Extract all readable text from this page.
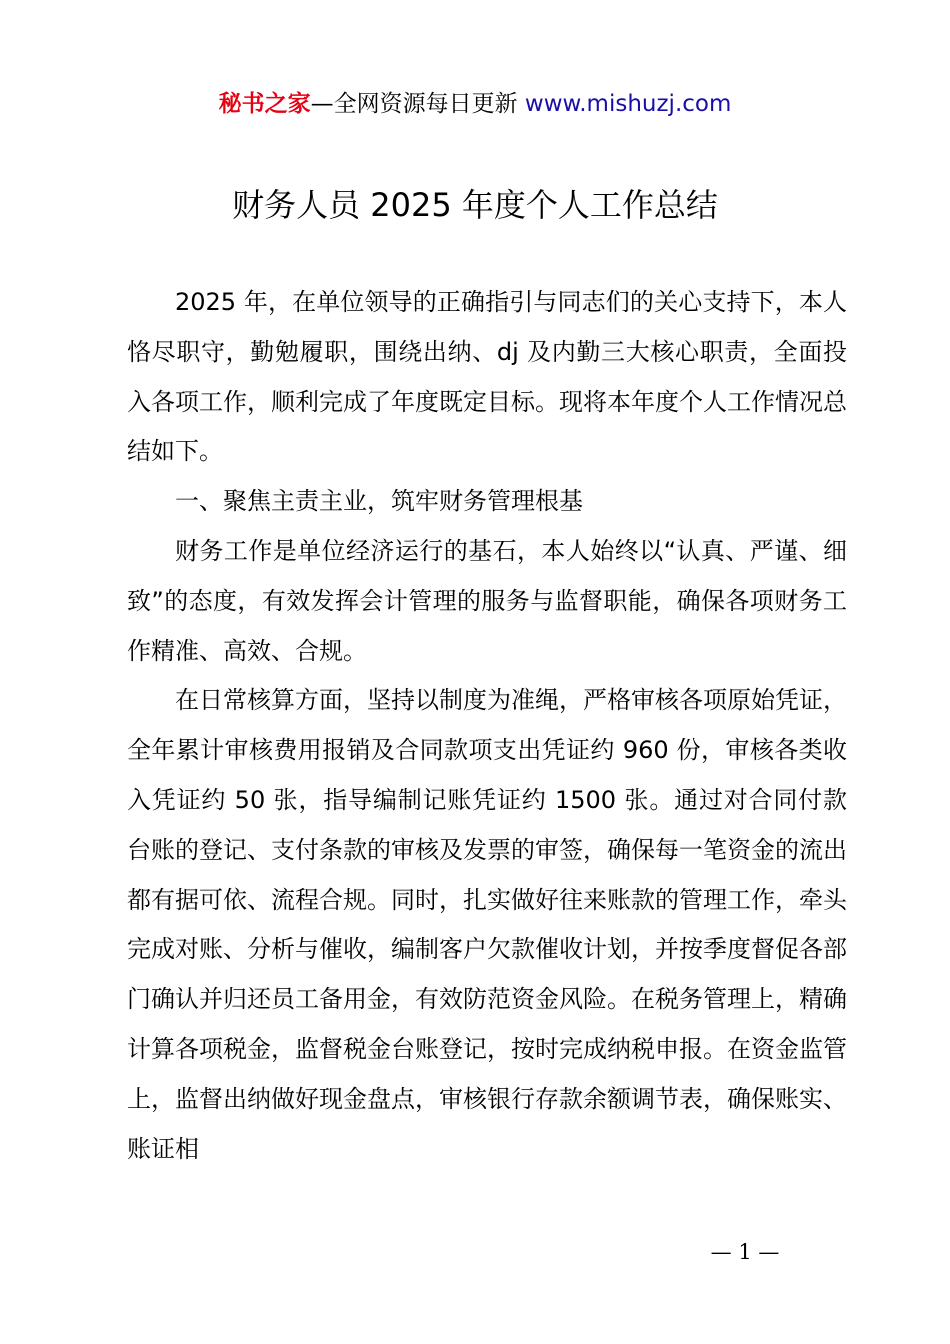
秘书之家—全网资源每日更新 www.mishuzj.com
财务人员 2025 年度个人工作总结

2025 年，在单位领导的正确指引与同志们的关心支持下，本人恪尽职守，勤勉履职，围绕出纳、dj 及内勤三大核心职责，全面投入各项工作，顺利完成了年度既定目标。现将本年度个人工作情况总结如下。

一、聚焦主责主业，筑牢财务管理根基

财务工作是单位经济运行的基石，本人始终以“认真、严谨、细致”的态度，有效发挥会计管理的服务与监督职能，确保各项财务工作精准、高效、合规。

在日常核算方面，坚持以制度为准绳，严格审核各项原始凭证，全年累计审核费用报销及合同款项支出凭证约 960 份，审核各类收入凭证约 50 张，指导编制记账凭证约 1500 张。通过对合同付款台账的登记、支付条款的审核及发票的审签，确保每一笔资金的流出都有据可依、流程合规。同时，扎实做好往来账款的管理工作，牵头完成对账、分析与催收，编制客户欠款催收计划，并按季度督促各部门确认并归还员工备用金，有效防范资金风险。在税务管理上，精确计算各项税金，监督税金台账登记，按时完成纳税申报。在资金监管上，监督出纳做好现金盘点，审核银行存款余额调节表，确保账实、账证相

— 1 —
